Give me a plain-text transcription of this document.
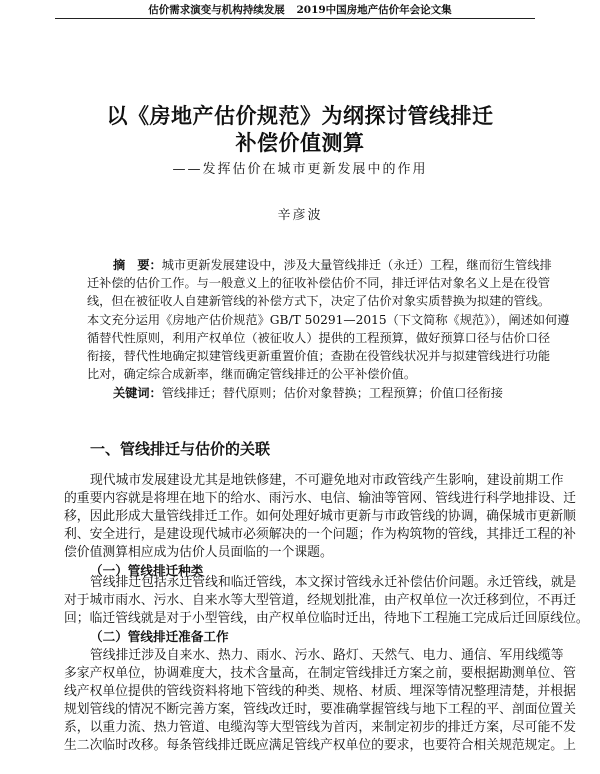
估价需求演变与机构持续发展 2019中国房地产估价年会论文集
以《房地产估价规范》为纲探讨管线排迁
补偿价值测算
——发挥估价在城市更新发展中的作用
辛彦波
摘　要：城市更新发展建设中，涉及大量管线排迁（永迁）工程，继而衍生管线排
迁补偿的估价工作。与一般意义上的征收补偿估价不同，排迁评估对象名义上是在役管
线，但在被征收人自建新管线的补偿方式下，决定了估价对象实质替换为拟建的管线。
本文充分运用《房地产估价规范》GB/T 50291—2015（下文简称《规范》），阐述如何遵
循替代性原则，利用产权单位（被征收人）提供的工程预算，做好预算口径与估价口径
衔接，替代性地确定拟建管线更新重置价值；查勘在役管线状况并与拟建管线进行功能
比对，确定综合成新率，继而确定管线排迁的公平补偿价值。
关键词：管线排迁；替代原则；估价对象替换；工程预算；价值口径衔接
一、管线排迁与估价的关联
现代城市发展建设尤其是地铁修建，不可避免地对市政管线产生影响，建设前期工作
的重要内容就是将埋在地下的给水、雨污水、电信、输油等管网、管线进行科学地排设、迁
移，因此形成大量管线排迁工作。如何处理好城市更新与市政管线的协调，确保城市更新顺
利、安全进行，是建设现代城市必须解决的一个问题；作为构筑物的管线，其排迁工程的补
偿价值测算相应成为估价人员面临的一个课题。
（一）管线排迁种类
管线排迁包括永迁管线和临迁管线，本文探讨管线永迁补偿估价问题。永迁管线，就是
对于城市雨水、污水、自来水等大型管道，经规划批准，由产权单位一次迁移到位，不再迁
回；临迁管线就是对于小型管线，由产权单位临时迁出，待地下工程施工完成后迁回原线位。
（二）管线排迁准备工作
管线排迁涉及自来水、热力、雨水、污水、路灯、天然气、电力、通信、军用线缆等
多家产权单位，协调难度大，技术含量高，在制定管线排迁方案之前，要根据勘测单位、管
线产权单位提供的管线资料将地下管线的种类、规格、材质、埋深等情况整理清楚，并根据
规划管线的情况不断完善方案，管线改迁时，要准确掌握管线与地下工程的平、剖面位置关
系，以重力流、热力管道、电缆沟等大型管线为首丙，来制定初步的排迁方案，尽可能不发
生二次临时改移。每条管线排迁既应满足管线产权单位的要求，也要符合相关规范规定。上
